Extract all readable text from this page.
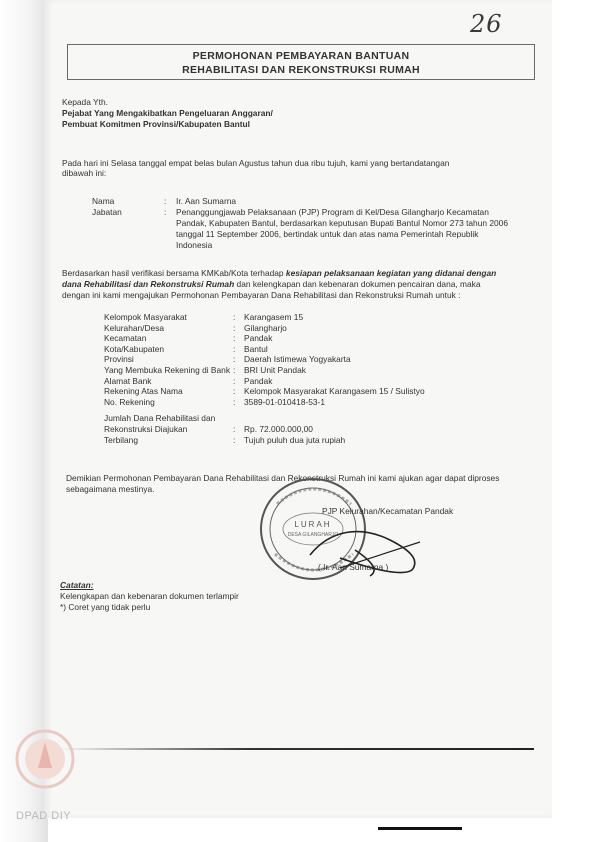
26
PERMOHONAN PEMBAYARAN BANTUAN
REHABILITASI DAN REKONSTRUKSI RUMAH
Kepada Yth.
Pejabat Yang Mengakibatkan Pengeluaran Anggaran/
Pembuat Komitmen Provinsi/Kabupaten Bantul
Pada hari ini Selasa tanggal empat belas bulan Agustus tahun dua ribu tujuh, kami yang bertandatangan
dibawah ini:
Nama	: Ir. Aan Sumarna
Jabatan	: Penanggungjawab Pelaksanaan (PJP) Program di Kel/Desa Gilangharjo Kecamatan
Pandak, Kabupaten Bantul, berdasarkan keputusan Bupati Bantul Nomor 273 tahun 2006
tanggal 11 September 2006, bertindak untuk dan atas nama Pemerintah Republik
Indonesia
Berdasarkan hasil verifikasi bersama KMKab/Kota terhadap kesiapan pelaksanaan kegiatan yang didanai dengan
dana Rehabilitasi dan Rekonstruksi Rumah dan kelengkapan dan kebenaran dokumen pencairan dana, maka
dengan ini kami mengajukan Permohonan Pembayaran Dana Rehabilitasi dan Rekonstruksi Rumah untuk :
Kelompok Masyarakat	: Karangasem 15
Kelurahan/Desa	: Gilangharjo
Kecamatan	: Pandak
Kota/Kabupaten	: Bantul
Provinsi	: Daerah Istimewa Yogyakarta
Yang Membuka Rekening di Bank : BRI Unit Pandak
Alamat Bank	: Pandak
Rekening Atas Nama	: Kelompok Masyarakat Karangasem 15 / Sulistyo
No. Rekening	: 3589-01-010418-53-1
Jumlah Dana Rehabilitasi dan
Rekonstruksi Diajukan	: Rp. 72.000.000,00
Terbilang	: Tujuh puluh dua juta rupiah
Demikian Permohonan Pembayaran Dana Rehabilitasi dan Rekonstruksi Rumah ini kami ajukan agar dapat diproses
sebagaimana mestinya.
LURAH
DESA GILANGHARJO
PJP Kelurahan/Kecamatan Pandak
( Ir. Aan Sumarna )
Catatan:
Kelengkapan dan kebenaran dokumen terlampir
*) Coret yang tidak perlu
DPAD DIY
